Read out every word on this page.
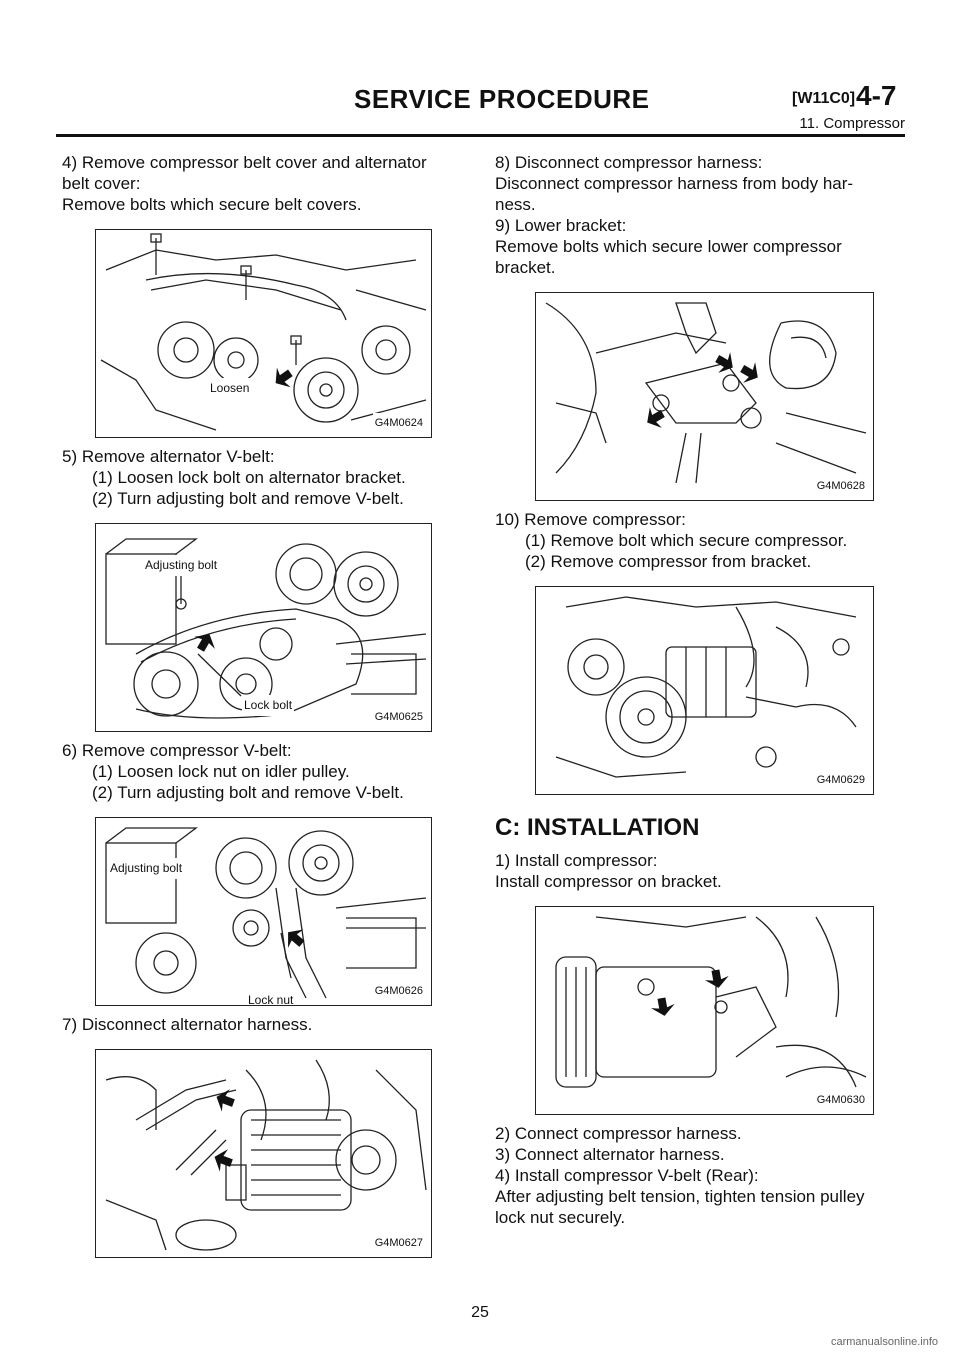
SERVICE PROCEDURE	[W11C0] 4-7
11. Compressor

4) Remove compressor belt cover and alternator

belt cover:

Remove bolts which secure belt covers.

Loosen
G4M0624

5) Remove alternator V-belt:

(1) Loosen lock bolt on alternator bracket.

(2) Turn adjusting bolt and remove V-belt.

Adjusting bolt
Lock bolt
G4M0625

6) Remove compressor V-belt:

(1) Loosen lock nut on idler pulley.

(2) Turn adjusting bolt and remove V-belt.

Adjusting bolt
Lock nut
G4M0626

7) Disconnect alternator harness.

G4M0627

8) Disconnect compressor harness:

Disconnect compressor harness from body har-

ness.

9) Lower bracket:

Remove bolts which secure lower compressor

bracket.

G4M0628

10) Remove compressor:

(1) Remove bolt which secure compressor.

(2) Remove compressor from bracket.

G4M0629
C: INSTALLATION

1) Install compressor:

Install compressor on bracket.

G4M0630

2) Connect compressor harness.

3) Connect alternator harness.

4) Install compressor V-belt (Rear):

After adjusting belt tension, tighten tension pulley

lock nut securely.

25
carmanualsonline.info
